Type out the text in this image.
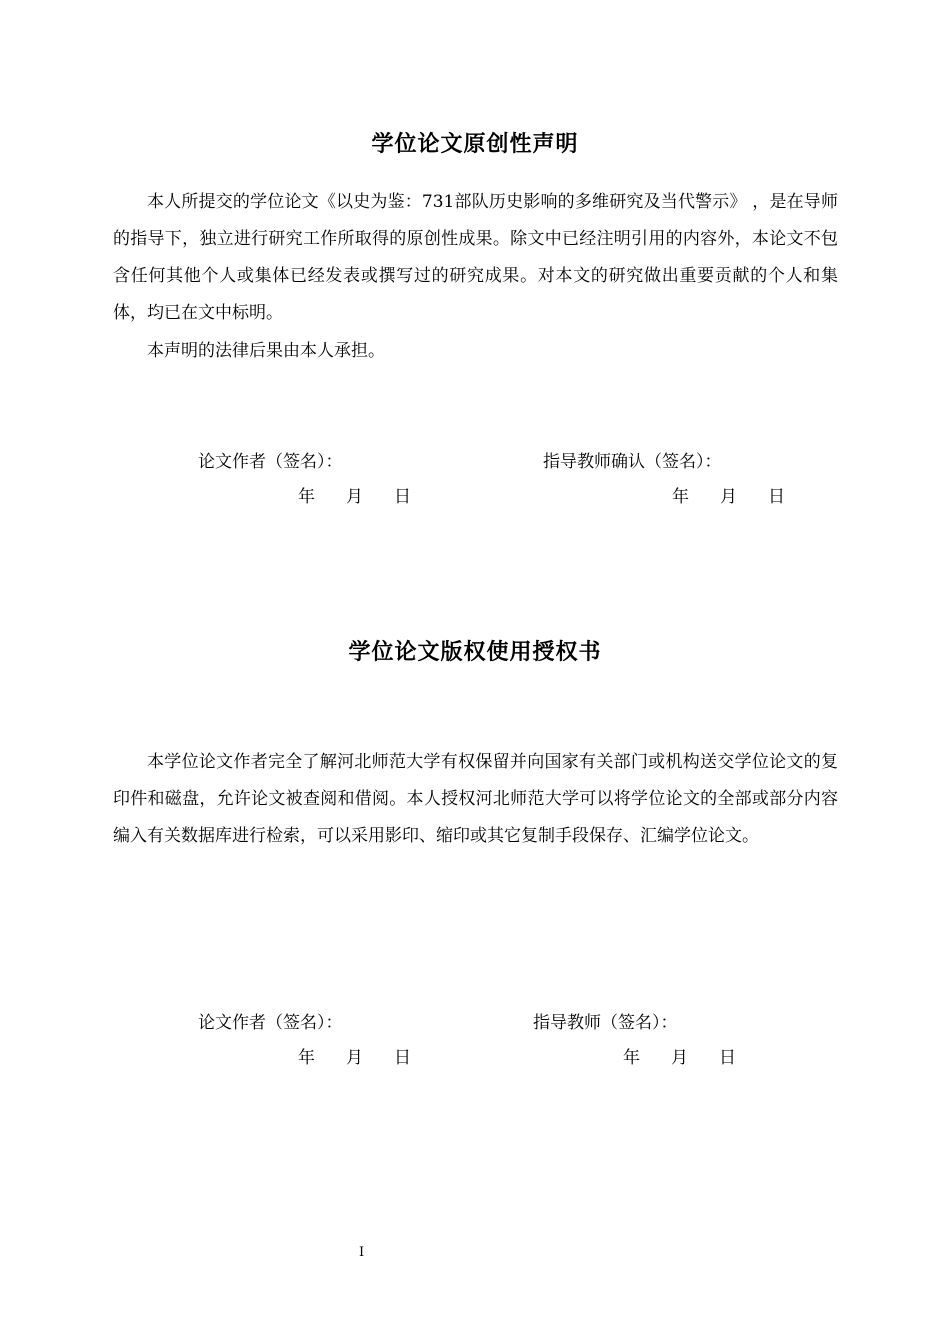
学位论文原创性声明
本人所提交的学位论文《以史为鉴：731部队历史影响的多维研究及当代警示》 ，是在导师的指导下，独立进行研究工作所取得的原创性成果。除文中已经注明引用的内容外，本论文不包含任何其他个人或集体已经发表或撰写过的研究成果。对本文的研究做出重要贡献的个人和集体，均已在文中标明。
本声明的法律后果由本人承担。
论文作者（签名）：	指导教师确认（签名）：
年 月 日	年 月 日
学位论文版权使用授权书
本学位论文作者完全了解河北师范大学有权保留并向国家有关部门或机构送交学位论文的复印件和磁盘，允许论文被查阅和借阅。本人授权河北师范大学可以将学位论文的全部或部分内容编入有关数据库进行检索，可以采用影印、缩印或其它复制手段保存、汇编学位论文。
论文作者（签名）：	指导教师（签名）：
年 月 日	年 月 日
I
